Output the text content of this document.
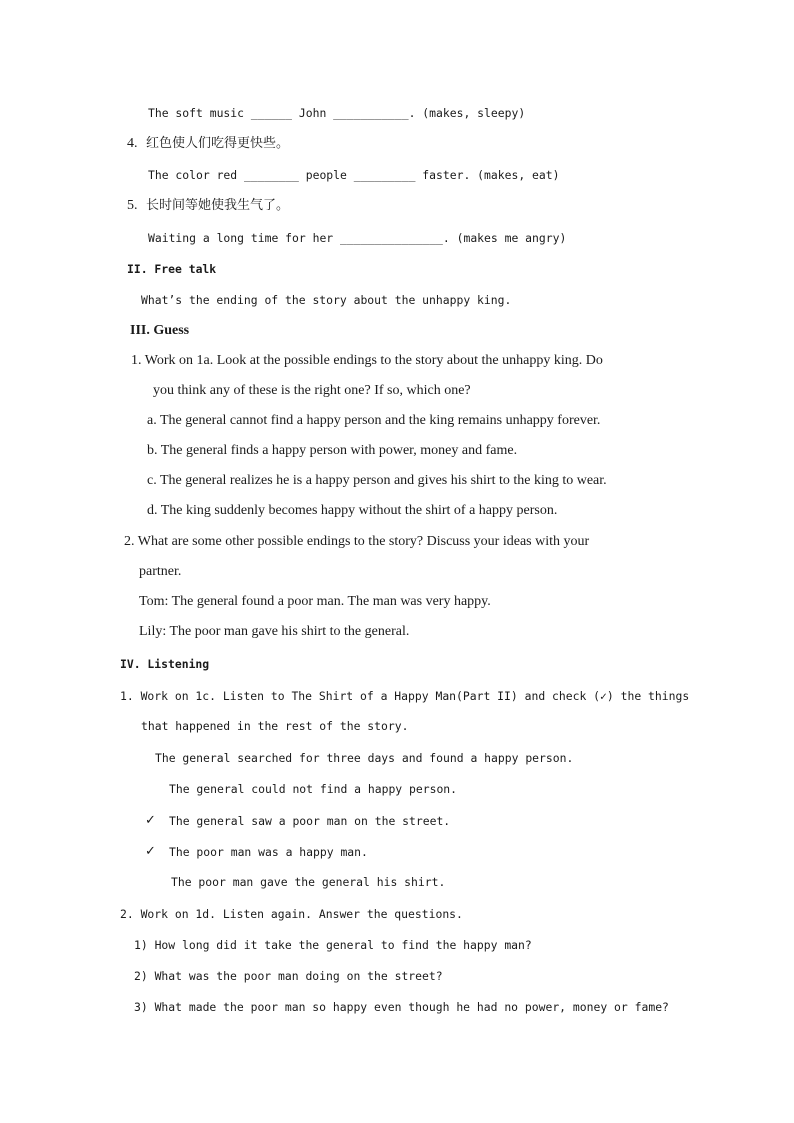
The soft music ______ John ___________. (makes, sleepy)
4. 红色使人们吃得更快些。
The color red ________ people _________ faster. (makes, eat)
5. 长时间等她使我生气了。
Waiting a long time for her _______________. (makes me angry)
II. Free talk
What’s the ending of the story about the unhappy king.
III. Guess
1. Work on 1a. Look at the possible endings to the story about the unhappy king. Do
you think any of these is the right one? If so, which one?
a. The general cannot find a happy person and the king remains unhappy forever.
b. The general finds a happy person with power, money and fame.
c. The general realizes he is a happy person and gives his shirt to the king to wear.
d. The king suddenly becomes happy without the shirt of a happy person.
2. What are some other possible endings to the story? Discuss your ideas with your
partner.
Tom: The general found a poor man. The man was very happy.
Lily: The poor man gave his shirt to the general.
IV. Listening
1. Work on 1c. Listen to The Shirt of a Happy Man(Part II) and check (✓) the things
that happened in the rest of the story.
The general searched for three days and found a happy person.
The general could not find a happy person.
✓ The general saw a poor man on the street.
✓ The poor man was a happy man.
The poor man gave the general his shirt.
2. Work on 1d. Listen again. Answer the questions.
1) How long did it take the general to find the happy man?
2) What was the poor man doing on the street?
3) What made the poor man so happy even though he had no power, money or fame?
